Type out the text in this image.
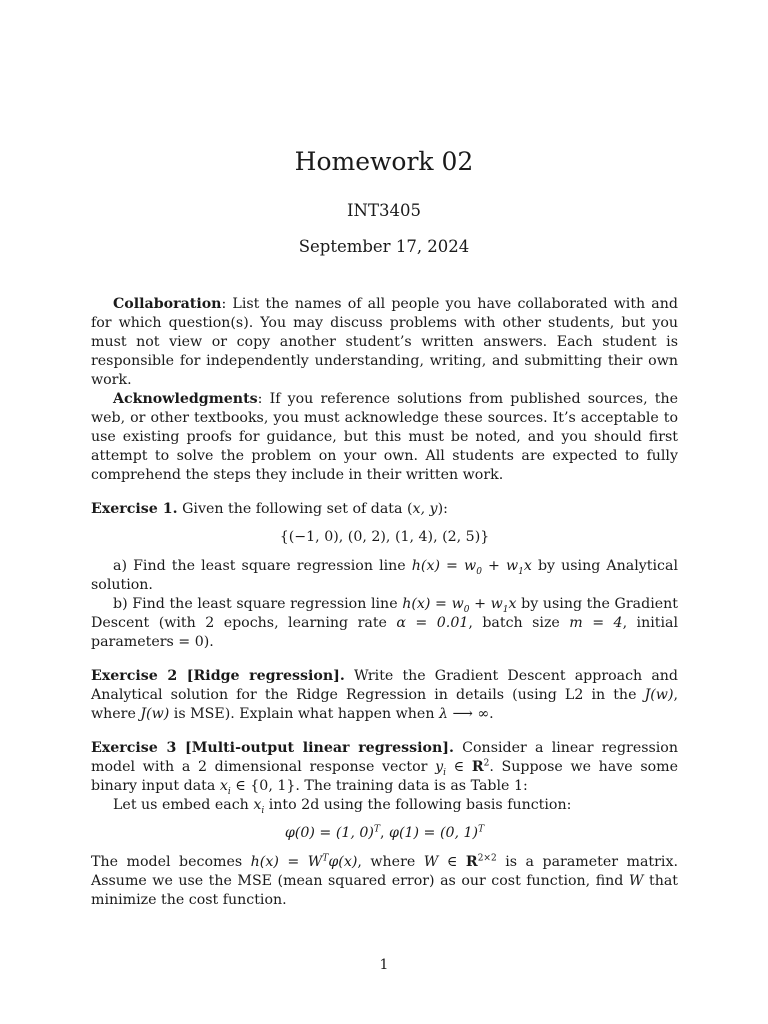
Homework 02
INT3405
September 17, 2024

Collaboration: List the names of all people you have collaborated with and for which question(s). You may discuss problems with other students, but you must not view or copy another student’s written answers. Each student is responsible for independently understanding, writing, and submitting their own work.

Acknowledgments: If you reference solutions from published sources, the web, or other textbooks, you must acknowledge these sources. It’s acceptable to use existing proofs for guidance, but this must be noted, and you should first attempt to solve the problem on your own. All students are expected to fully comprehend the steps they include in their written work.

Exercise 1. Given the following set of data (x, y):

{(−1, 0), (0, 2), (1, 4), (2, 5)}

a) Find the least square regression line $h(x) = w_0 + w_1x$ by using Analytical solution.

b) Find the least square regression line $h(x) = w_0 + w_1x$ by using the Gradient Descent (with 2 epochs, learning rate α = 0.01, batch size m = 4, initial parameters = 0).

Exercise 2 [Ridge regression]. Write the Gradient Descent approach and Analytical solution for the Ridge Regression in details (using L2 in the J(w), where J(w) is MSE). Explain what happen when λ ⟶ ∞.

Exercise 3 [Multi-output linear regression]. Consider a linear regression model with a 2 dimensional response vector $y_i$ ∈ $R^2$. Suppose we have some binary input data $x_i$ ∈ {0, 1}. The training data is as Table 1:

Let us embed each $x_i$ into 2d using the following basis function:

φ(0) = (1, 0)$^T$, φ(1) = (0, 1)$^T$

The model becomes $h(x) = W^T\varphi(x)$, where W ∈ $R^{2\times 2}$ is a parameter matrix. Assume we use the MSE (mean squared error) as our cost function, find W that minimize the cost function.

1
